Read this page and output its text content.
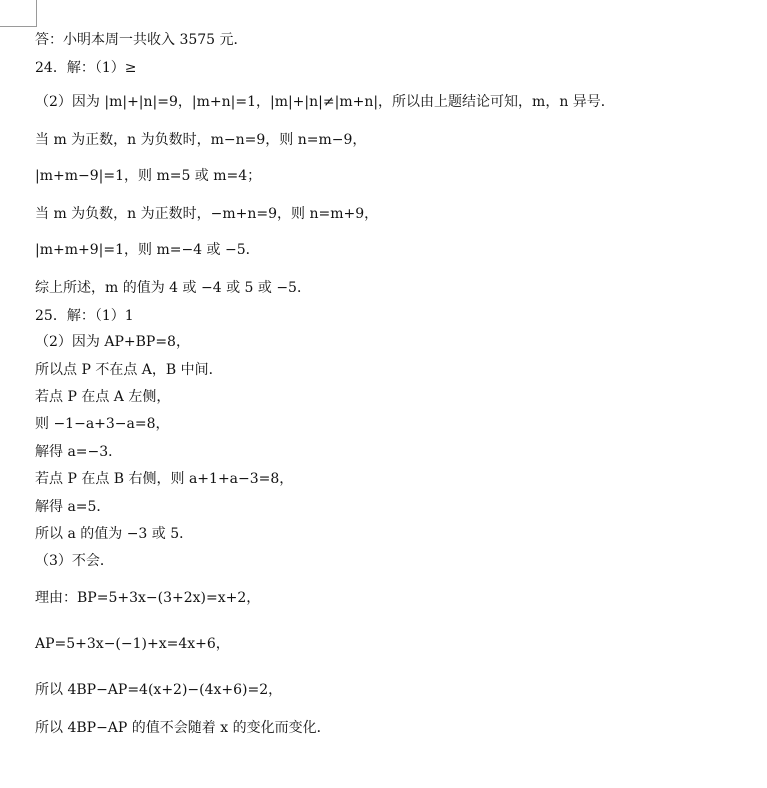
答：小明本周一共收入 3575 元．
24．解：（1）≥
（2）因为 |m|+|n|=9，|m+n|=1，|m|+|n|≠|m+n|，所以由上题结论可知，m，n 异号．
当 m 为正数，n 为负数时，m−n=9，则 n=m−9，
|m+m−9|=1，则 m=5 或 m=4；
当 m 为负数，n 为正数时，−m+n=9，则 n=m+9，
|m+m+9|=1，则 m=−4 或 −5．
综上所述，m 的值为 4 或 −4 或 5 或 −5．
25．解：（1）1
（2）因为 AP+BP=8，
所以点 P 不在点 A，B 中间．
若点 P 在点 A 左侧，
则 −1−a+3−a=8，
解得 a=−3．
若点 P 在点 B 右侧，则 a+1+a−3=8，
解得 a=5．
所以 a 的值为 −3 或 5．
（3）不会．
理由：BP=5+3x−(3+2x)=x+2，
AP=5+3x−(−1)+x=4x+6，
所以 4BP−AP=4(x+2)−(4x+6)=2，
所以 4BP−AP 的值不会随着 x 的变化而变化．
